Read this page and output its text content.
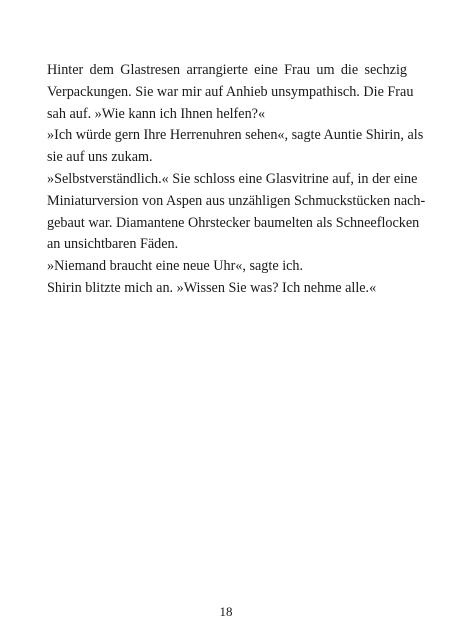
Hinter dem Glastresen arrangierte eine Frau um die sechzig
Verpackungen. Sie war mir auf Anhieb unsympathisch. Die Frau
sah auf. »Wie kann ich Ihnen helfen?«
»Ich würde gern Ihre Herrenuhren sehen«, sagte Auntie Shirin, als
sie auf uns zukam.
»Selbstverständlich.« Sie schloss eine Glasvitrine auf, in der eine
Miniaturversion von Aspen aus unzähligen Schmuckstücken nach-
gebaut war. Diamantene Ohrstecker baumelten als Schneeflocken
an unsichtbaren Fäden.
»Niemand braucht eine neue Uhr«, sagte ich.
Shirin blitzte mich an. »Wissen Sie was? Ich nehme alle.«
18
